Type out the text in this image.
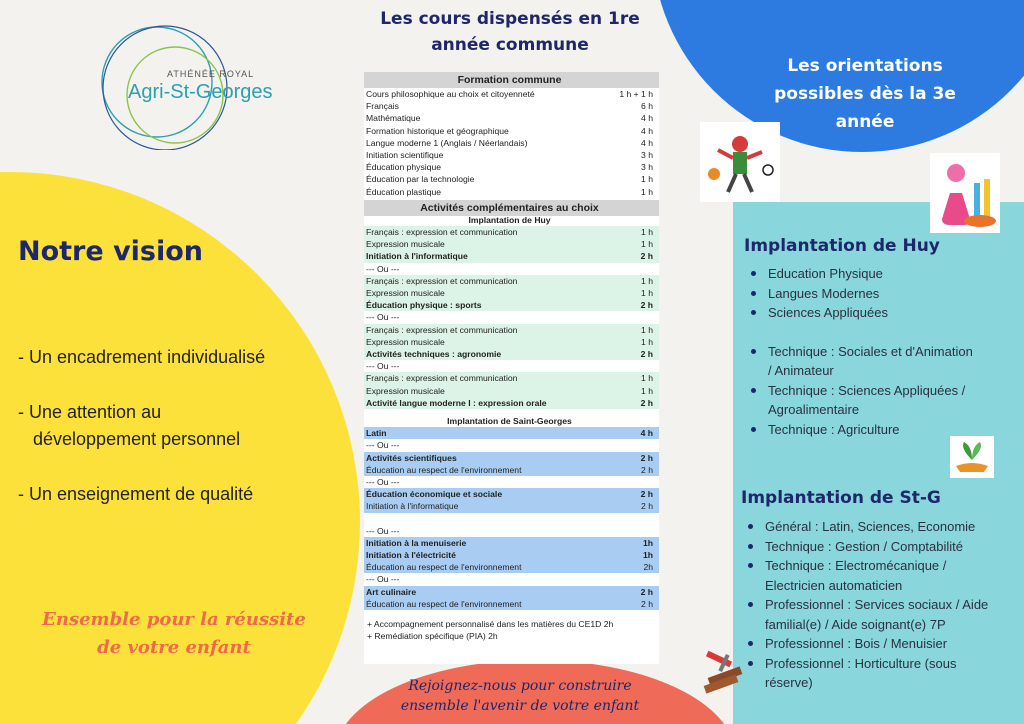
ATHÉNÉE ROYAL
Agri-St-Georges
Les cours dispensés en 1re
année commune
Notre vision
- Un encadrement individualisé
- Une attention au
développement personnel
- Un enseignement de qualité
Ensemble pour la réussite
de votre enfant
Rejoignez-nous pour construire
ensemble l'avenir de votre enfant
Les orientations
possibles dès la 3e
année
Implantation de Huy
Education Physique
Langues Modernes
Sciences Appliquées
Technique : Sociales et d'Animation
/ Animateur
Technique : Sciences Appliquées /
Agroalimentaire
Technique : Agriculture
Implantation de St-G
Général : Latin, Sciences, Economie
Technique : Gestion / Comptabilité
Technique : Electromécanique /
Electricien automaticien
Professionnel : Services sociaux / Aide
familial(e) / Aide soignant(e) 7P
Professionnel : Bois / Menuisier
Professionnel : Horticulture (sous
réserve)
Formation commune
Cours philosophique au choix et citoyenneté	1 h + 1 h
Français	6 h
Mathématique	4 h
Formation historique et géographique	4 h
Langue moderne 1 (Anglais / Néerlandais)	4 h
Initiation scientifique	3 h
Éducation physique	3 h
Éducation par la technologie	1 h
Éducation plastique	1 h
Activités complémentaires au choix
Implantation de Huy
Français : expression et communication	1 h
Expression musicale	1 h
Initiation à l'informatique	2 h
--- Ou ---
Français : expression et communication	1 h
Expression musicale	1 h
Éducation physique : sports	2 h
--- Ou ---
Français : expression et communication	1 h
Expression musicale	1 h
Activités techniques : agronomie	2 h
--- Ou ---
Français : expression et communication	1 h
Expression musicale	1 h
Activité langue moderne I : expression orale	2 h
Implantation de Saint-Georges
Latin	4 h
--- Ou ---
Activités scientifiques	2 h
Éducation au respect de l'environnement	2 h
--- Ou ---
Éducation économique et sociale	2 h
Initiation à l'informatique	2 h
--- Ou ---
Initiation à la menuiserie	1h
Initiation à l'électricité	1h
Éducation au respect de l'environnement	2h
--- Ou ---
Art culinaire	2 h
Éducation au respect de l'environnement	2 h
+ Accompagnement personnalisé dans les matières du CE1D 2h
+ Remédiation spécifique (PIA) 2h
